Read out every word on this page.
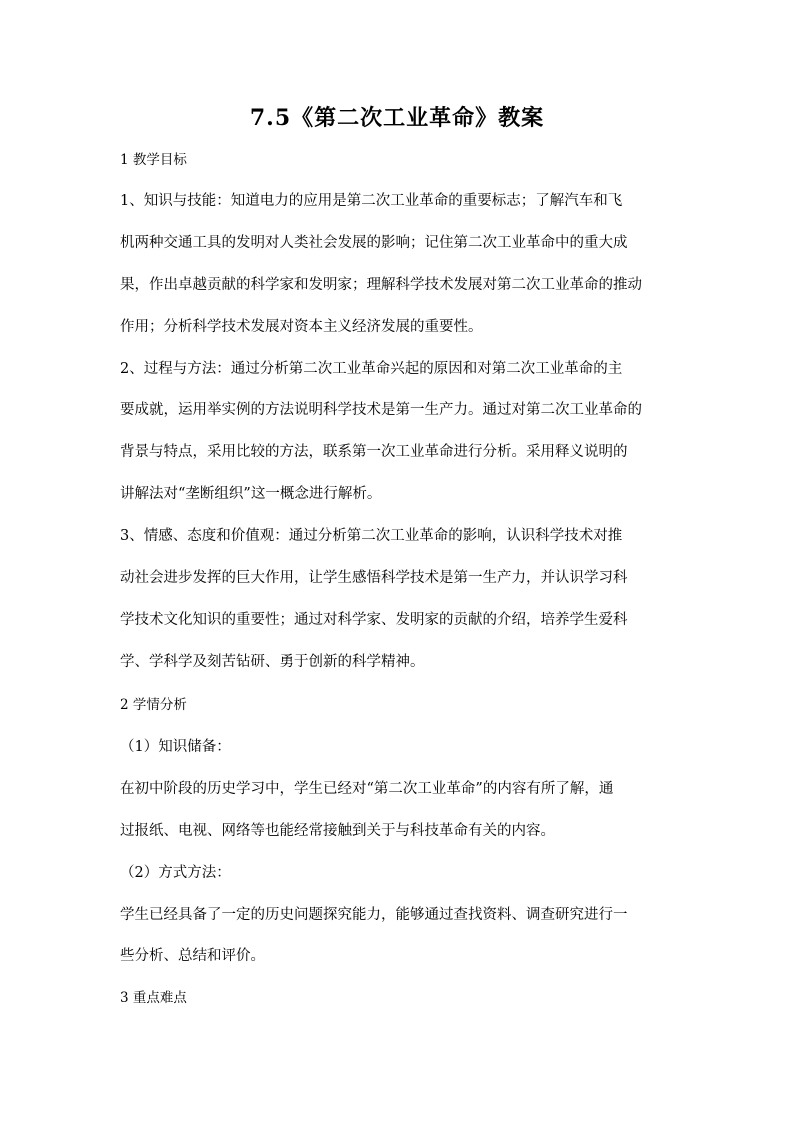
7.5《第二次工业革命》教案
1 教学目标
1、知识与技能：知道电力的应用是第二次工业革命的重要标志；了解汽车和飞
机两种交通工具的发明对人类社会发展的影响；记住第二次工业革命中的重大成
果，作出卓越贡献的科学家和发明家；理解科学技术发展对第二次工业革命的推动
作用；分析科学技术发展对资本主义经济发展的重要性。
2、过程与方法：通过分析第二次工业革命兴起的原因和对第二次工业革命的主
要成就，运用举实例的方法说明科学技术是第一生产力。通过对第二次工业革命的
背景与特点，采用比较的方法，联系第一次工业革命进行分析。采用释义说明的
讲解法对“垄断组织”这一概念进行解析。
3、情感、态度和价值观：通过分析第二次工业革命的影响，认识科学技术对推
动社会进步发挥的巨大作用，让学生感悟科学技术是第一生产力，并认识学习科
学技术文化知识的重要性；通过对科学家、发明家的贡献的介绍，培养学生爱科
学、学科学及刻苦钻研、勇于创新的科学精神。
2 学情分析
（1）知识储备：
在初中阶段的历史学习中，学生已经对“第二次工业革命”的内容有所了解，通
过报纸、电视、网络等也能经常接触到关于与科技革命有关的内容。
（2）方式方法：
学生已经具备了一定的历史问题探究能力，能够通过查找资料、调查研究进行一
些分析、总结和评价。
3 重点难点
